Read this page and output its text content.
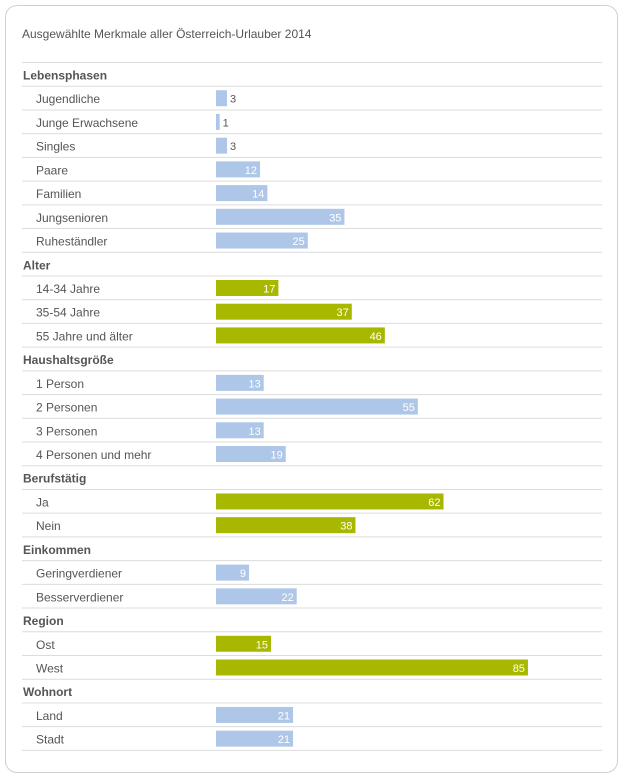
Ausgewählte Merkmale aller Österreich-Urlauber 2014
Lebensphasen
Jugendliche	3
Junge Erwachsene	1
Singles	3
Paare	12
Familien	14
Jungsenioren	35
Ruheständler	25
Alter
14-34 Jahre	17
35-54 Jahre	37
55 Jahre und älter	46
Haushaltsgröße
1 Person	13
2 Personen	55
3 Personen	13
4 Personen und mehr	19
Berufstätig
Ja	62
Nein	38
Einkommen
Geringverdiener	9
Besserverdiener	22
Region
Ost	15
West	85
Wohnort
Land	21
Stadt	21
